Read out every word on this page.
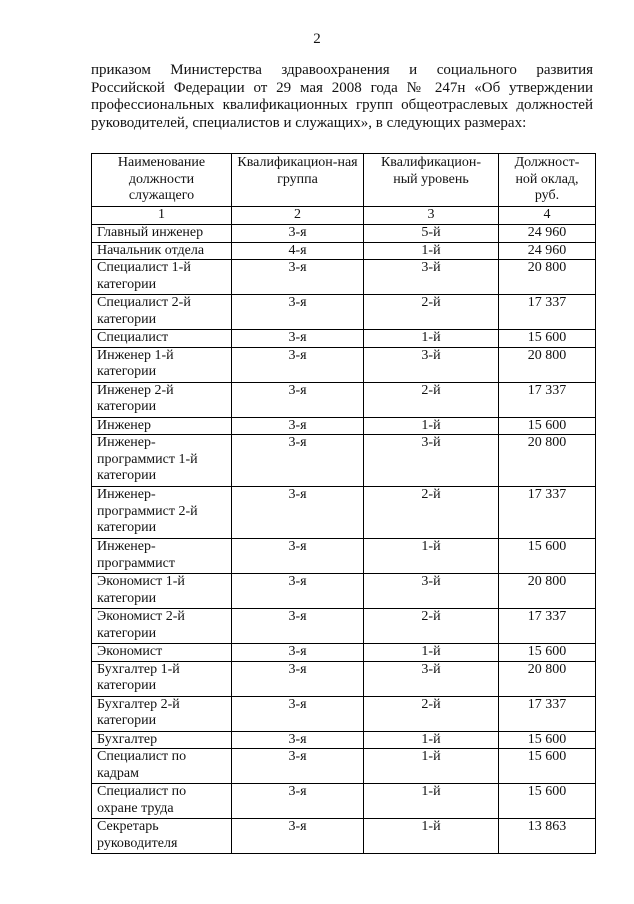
2
приказом Министерства здравоохранения и социального развития
Российской Федерации от 29 мая 2008 года № 247н «Об утверждении
профессиональных квалификационных групп общеотраслевых должностей
руководителей, специалистов и служащих», в следующих размерах:
Наименование должности служащего	Квалификацион-ная группа	Квалификацион-ный уровень	Должност-ной оклад, руб.
1	2	3	4
Главный инженер	3-я	5-й	24 960
Начальник отдела	4-я	1-й	24 960
Специалист 1-й категории	3-я	3-й	20 800
Специалист 2-й категории	3-я	2-й	17 337
Специалист	3-я	1-й	15 600
Инженер 1-й категории	3-я	3-й	20 800
Инженер 2-й категории	3-я	2-й	17 337
Инженер	3-я	1-й	15 600
Инженер-программист 1-й категории	3-я	3-й	20 800
Инженер-программист 2-й категории	3-я	2-й	17 337
Инженер-программист	3-я	1-й	15 600
Экономист 1-й категории	3-я	3-й	20 800
Экономист 2-й категории	3-я	2-й	17 337
Экономист	3-я	1-й	15 600
Бухгалтер 1-й категории	3-я	3-й	20 800
Бухгалтер 2-й категории	3-я	2-й	17 337
Бухгалтер	3-я	1-й	15 600
Специалист по кадрам	3-я	1-й	15 600
Специалист по охране труда	3-я	1-й	15 600
Секретарь руководителя	3-я	1-й	13 863
